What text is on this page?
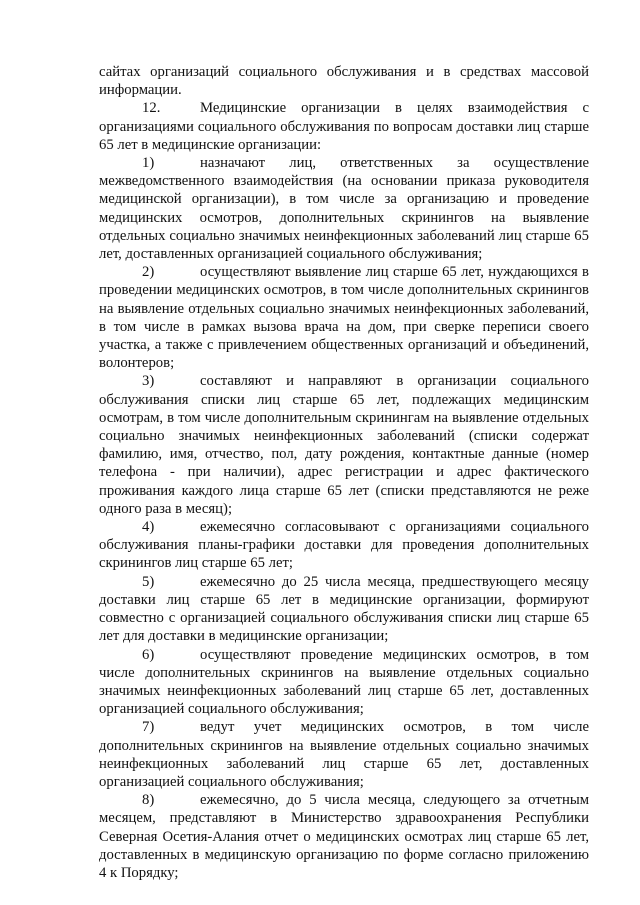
сайтах организаций социального обслуживания и в средствах массовой информации.

12.	Медицинские организации в целях взаимодействия с организациями социального обслуживания по вопросам доставки лиц старше 65 лет в медицинские организации:

1)	назначают лиц, ответственных за осуществление межведомственного взаимодействия (на основании приказа руководителя медицинской организации), в том числе за организацию и проведение медицинских осмотров, дополнительных скринингов на выявление отдельных социально значимых неинфекционных заболеваний лиц старше 65 лет, доставленных организацией социального обслуживания;

2)	осуществляют выявление лиц старше 65 лет, нуждающихся в проведении медицинских осмотров, в том числе дополнительных скринингов на выявление отдельных социально значимых неинфекционных заболеваний, в том числе в рамках вызова врача на дом, при сверке переписи своего участка, а также с привлечением общественных организаций и объединений, волонтеров;

3)	составляют и направляют в организации социального обслуживания списки лиц старше 65 лет, подлежащих медицинским осмотрам, в том числе дополнительным скринингам на выявление отдельных социально значимых неинфекционных заболеваний (списки содержат фамилию, имя, отчество, пол, дату рождения, контактные данные (номер телефона - при наличии), адрес регистрации и адрес фактического проживания каждого лица старше 65 лет (списки представляются не реже одного раза в месяц);

4)	ежемесячно согласовывают с организациями социального обслуживания планы-графики доставки для проведения дополнительных скринингов лиц старше 65 лет;

5)	ежемесячно до 25 числа месяца, предшествующего месяцу доставки лиц старше 65 лет в медицинские организации, формируют совместно с организацией социального обслуживания списки лиц старше 65 лет для доставки в медицинские организации;

6)	осуществляют проведение медицинских осмотров, в том числе дополнительных скринингов на выявление отдельных социально значимых неинфекционных заболеваний лиц старше 65 лет, доставленных организацией социального обслуживания;

7)	ведут учет медицинских осмотров, в том числе дополнительных скринингов на выявление отдельных социально значимых неинфекционных заболеваний лиц старше 65 лет, доставленных организацией социального обслуживания;

8)	ежемесячно, до 5 числа месяца, следующего за отчетным месяцем, представляют в Министерство здравоохранения Республики Северная Осетия-Алания отчет о медицинских осмотрах лиц старше 65 лет, доставленных в медицинскую организацию по форме согласно приложению 4 к Порядку;
